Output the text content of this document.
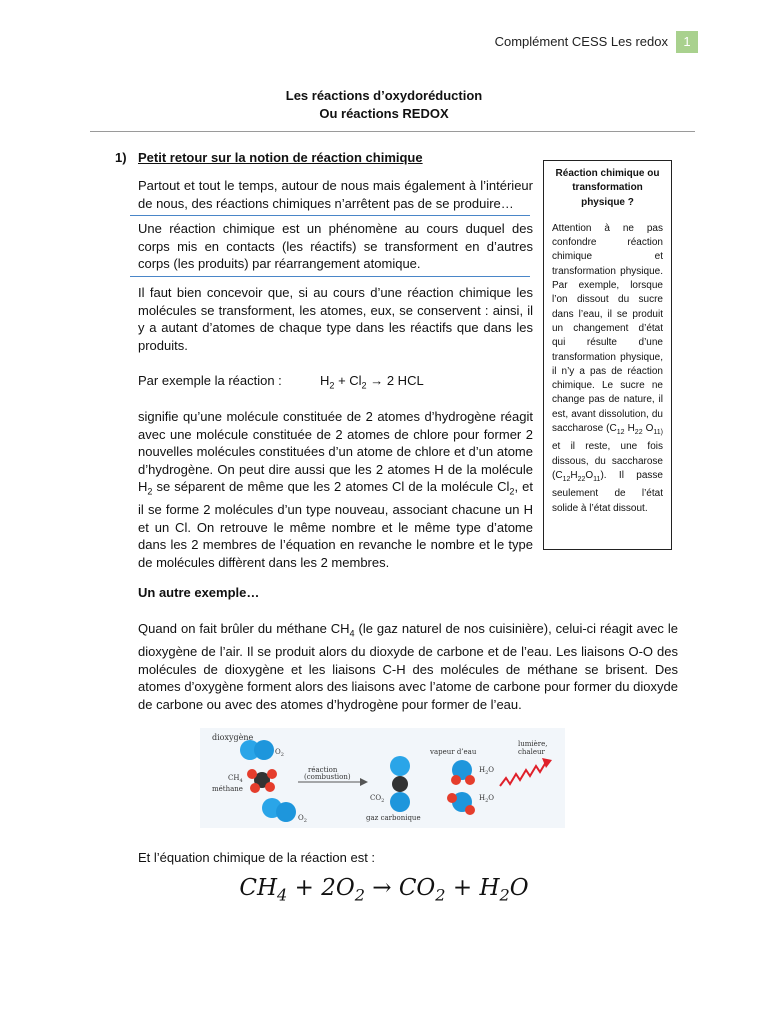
Complément CESS Les redox	1
Les réactions d’oxydoréduction
Ou réactions REDOX
1) Petit retour sur la notion de réaction chimique
Partout et tout le temps, autour de nous mais également à l’intérieur de nous, des réactions chimiques n’arrêtent pas de se produire…
Une réaction chimique est un phénomène au cours duquel des corps mis en contacts (les réactifs) se transforment en d’autres corps (les produits) par réarrangement atomique.
Il faut bien concevoir que, si au cours d’une réaction chimique les molécules se transforment, les atomes, eux, se conservent : ainsi, il y a autant d’atomes de chaque type dans les réactifs que dans les produits.
Par exemple la réaction :	$H_2 + Cl_2 \to 2$ HCL
signifie qu’une molécule constituée de 2 atomes d’hydrogène réagit avec une molécule constituée de 2 atomes de chlore pour former 2 nouvelles molécules constituées d’un atome de chlore et d’un atome d’hydrogène. On peut dire aussi que les 2 atomes H de la molécule $H_2$ se séparent de même que les 2 atomes Cl de la molécule $Cl_2$, et il se forme 2 molécules d’un type nouveau, associant chacune un H et un Cl. On retrouve le même nombre et le même type d’atome dans les 2 membres de l’équation en revanche le nombre et le type de molécules diffèrent dans les 2 membres.
Réaction chimique ou transformation physique ?
Attention à ne pas confondre réaction chimique et transformation physique. Par exemple, lorsque l’on dissout du sucre dans l’eau, il se produit un changement d’état qui résulte d’une transformation physique, il n’y a pas de réaction chimique. Le sucre ne change pas de nature, il est, avant dissolution, du saccharose ($C_{12}$ $H_{22}$ $O_{11)}$ et il reste, une fois dissous, du saccharose $(C_{12}H_{22}O_{11})$. Il passe seulement de l’état solide à l’état dissout.
Un autre exemple…
Quand on fait brûler du méthane $CH_4$ (le gaz naturel de nos cuisinière), celui-ci réagit avec le dioxygène de l’air. Il se produit alors du dioxyde de carbone et de l’eau. Les liaisons O-O des molécules de dioxygène et les liaisons C-H des molécules de méthane se brisent. Des atomes d’oxygène forment alors des liaisons avec l’atome de carbone pour former du dioxyde de carbone ou avec des atomes d’hydrogène pour former de l’eau.
dioxygène
$O_2$
$CH_4$
méthane
$O_2$
réaction
(combustion)
$CO_2$
gaz carbonique
vapeur d’eau
$H_2O$
$H_2O$
lumière,
chaleur
Et l’équation chimique de la réaction est :
$CH_4 + 2O_2 \to CO_2 + H_2O$
